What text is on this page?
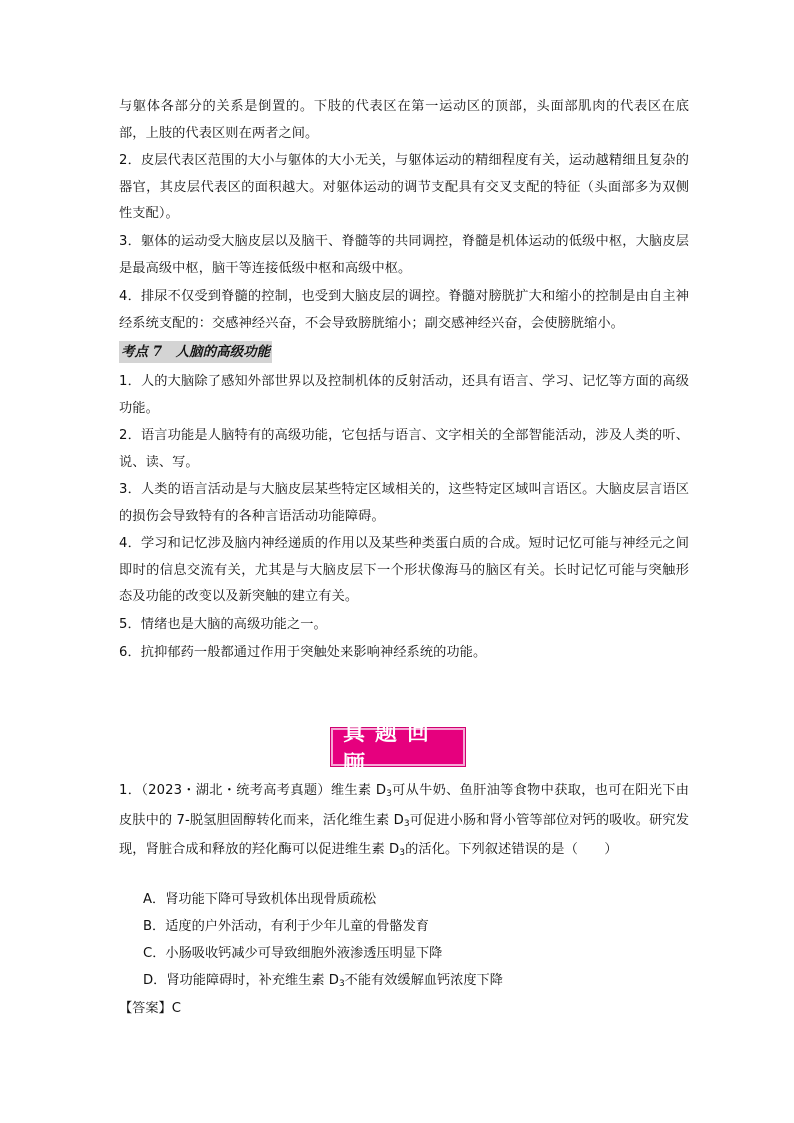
与躯体各部分的关系是倒置的。下肢的代表区在第一运动区的顶部，头面部肌肉的代表区在底部，上肢的代表区则在两者之间。
2．皮层代表区范围的大小与躯体的大小无关，与躯体运动的精细程度有关，运动越精细且复杂的器官，其皮层代表区的面积越大。对躯体运动的调节支配具有交叉支配的特征（头面部多为双侧性支配）。
3．躯体的运动受大脑皮层以及脑干、脊髓等的共同调控，脊髓是机体运动的低级中枢，大脑皮层是最高级中枢，脑干等连接低级中枢和高级中枢。
4．排尿不仅受到脊髓的控制，也受到大脑皮层的调控。脊髓对膀胱扩大和缩小的控制是由自主神经系统支配的：交感神经兴奋，不会导致膀胱缩小；副交感神经兴奋，会使膀胱缩小。
考点 7　人脑的高级功能
1．人的大脑除了感知外部世界以及控制机体的反射活动，还具有语言、学习、记忆等方面的高级功能。
2．语言功能是人脑特有的高级功能，它包括与语言、文字相关的全部智能活动，涉及人类的听、说、读、写。
3．人类的语言活动是与大脑皮层某些特定区域相关的，这些特定区域叫言语区。大脑皮层言语区的损伤会导致特有的各种言语活动功能障碍。
4．学习和记忆涉及脑内神经递质的作用以及某些种类蛋白质的合成。短时记忆可能与神经元之间即时的信息交流有关，尤其是与大脑皮层下一个形状像海马的脑区有关。长时记忆可能与突触形态及功能的改变以及新突触的建立有关。
5．情绪也是大脑的高级功能之一。
6．抗抑郁药一般都通过作用于突触处来影响神经系统的功能。
真题回顾
1．（2023・湖北・统考高考真题）维生素 $D_3$可从牛奶、鱼肝油等食物中获取，也可在阳光下由皮肤中的 7-脱氢胆固醇转化而来，活化维生素 $D_3$可促进小肠和肾小管等部位对钙的吸收。研究发现，肾脏合成和释放的羟化酶可以促进维生素 $D_3$的活化。下列叙述错误的是（　　）
A．肾功能下降可导致机体出现骨质疏松
B．适度的户外活动，有利于少年儿童的骨骼发育
C．小肠吸收钙减少可导致细胞外液渗透压明显下降
D．肾功能障碍时，补充维生素 $D_3$不能有效缓解血钙浓度下降
【答案】C
